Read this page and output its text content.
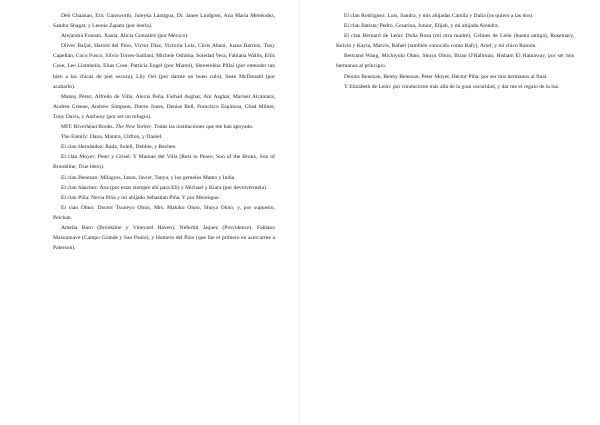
Deb Chaanan, Eric Gansworth, Juleyka Lantigua, Dr. Janee Lindgren, Ana María Menéndez, Sandra Shagat, y Leonie Zapata (por leerlo).

Alejandra Frausto, Xania, Alicia González (por México).

Oliver Baijal, Harold del Pino, Víctor Díaz, Victoria Lola, Chris Abani, Juana Barrios, Tony Capellán, Coco Fusco, Silvio Torres-Saillant, Michele Oshima, Soledad Vera, Fabiana Wallis, Ellis Cose, Lee Llambelis, Elias Cose, Patricia Engel (por Miami), Shreerekha Pillai (por entender tan bien a las chicas de piel oscura), Lily Oei (por darme un buen culo), Sean McDonald (por acabarlo).

Manny Pérez, Alfredo de Villa, Alexis Peña, Farhad Asghar, Ani Asghar, Marisel Alcántara, Andrea Greene, Andrew Simpson, Dierre Jones, Denise Bell, Francisco Espinosa, Chad Milner, Tony Davis, y Anthony (por ser un refugio).

MIT: Riverhead Books. The New Yorker. Todas las instituciones que me han apoyado.

The Family: Dana, Mantra, Clifton, y Daniel.

El clan Hernández: Rada, Soleil, Debbie, y Rechee.

El clan Moyer: Peter y Grisel. Y Manuel del Villa (Rest in Peace, Son of the Bronx, Son of Brookline, True Hero).

El clan Benezan: Milagros, Jason, Javier, Tanya, y los gemelos Mateo y India.

El clan Sánchez: Ana (por estar siempre ahí para Eli) y Michael y Kiara (por devolvérmela).

El clan Piña: Nevia Piña y mi ahijado Sebastian Piña. Y por Merengue.

El clan Ohno: Doctor Tsuneyo Ohno, Mrs. Makiko Ohno, Shuya Ohno, y, por supuesto, Peichan.

Amelia Burn (Brookline y Vineyard Haven), Nefertiti Jaquez (Providence), Fabiano Maisonnave (Campo Grande y Sao Paulo), y Homero del Pino (que fue el primero en acercarme a Paterson).

El clan Rodríguez: Luis, Sandra, y mis ahijadas Camila y Dalia (os quiero a las dos).

El clan Batista: Pedro, Cesarina, Junior, Elijah, y mi ahijada Alondra.

El clan Bernard de León: Doña Rosa (mi otra madre), Celines de León (buena amiga), Rosemary, Kelvin y Kayla, Marvis, Rafael (también conocido como Rafy), Ariel, y mi chico Ramón.

Bertrand Wang, Michiyuki Ohno, Shuya Ohno, Brian O'Halloran, Hisham El Hamaway, por ser mis hermanos al principio.

Dennis Benezan, Benny Benezan, Peter Moyer, Héctor Piña: por ser mis hermanos al final.

Y Elizabeth de León: por conducirme más allá de la gran oscuridad, y dar me el regalo de la luz.
